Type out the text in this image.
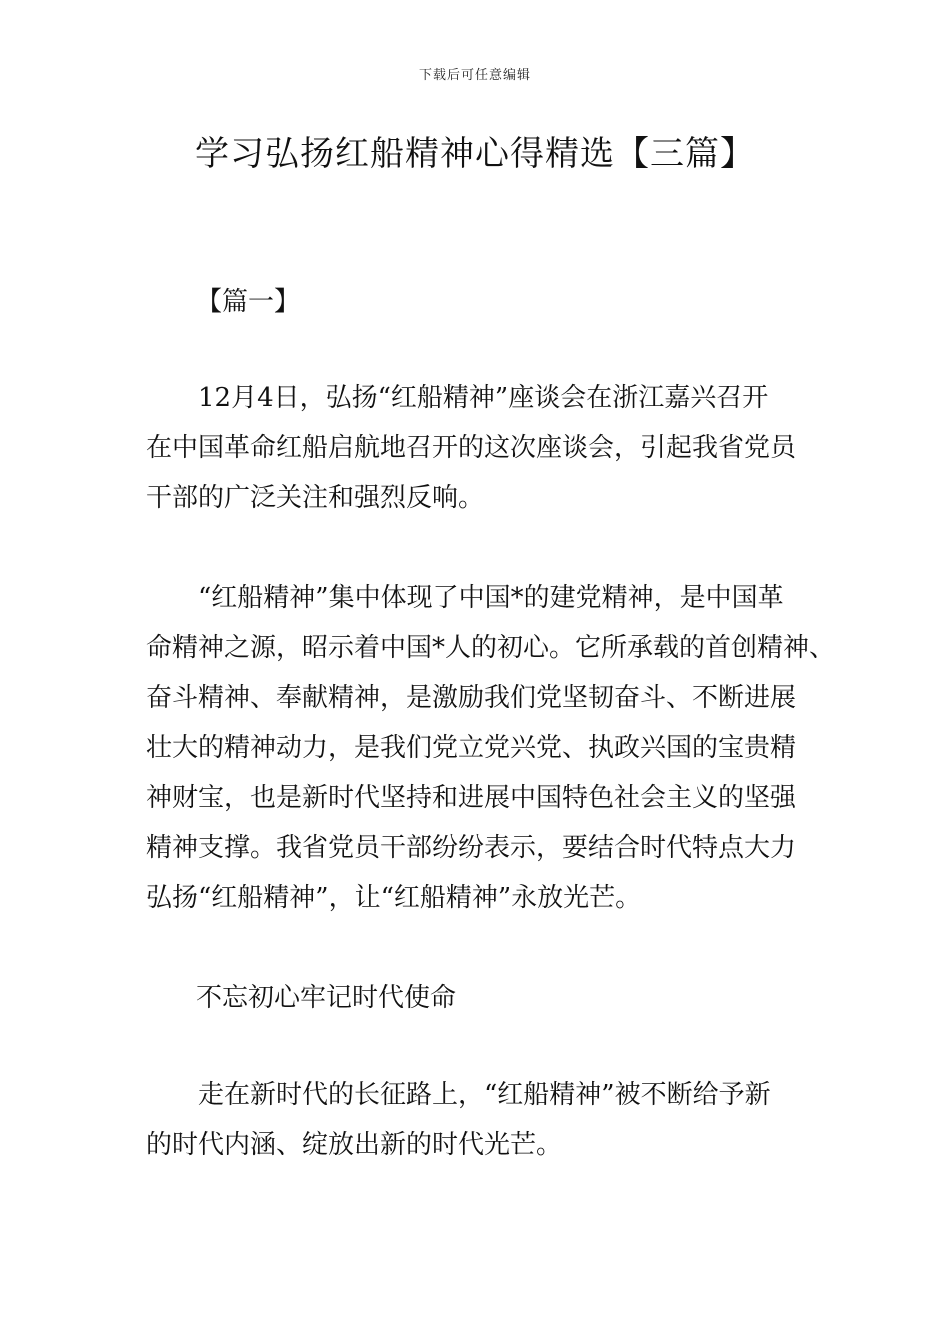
下载后可任意编辑
学习弘扬红船精神心得精选【三篇】

【篇一】

　　12月4日，弘扬“红船精神”座谈会在浙江嘉兴召开
在中国革命红船启航地召开的这次座谈会，引起我省党员
干部的广泛关注和强烈反响。

　　“红船精神”集中体现了中国*的建党精神，是中国革
命精神之源，昭示着中国*人的初心。它所承载的首创精神、
奋斗精神、奉献精神，是激励我们党坚韧奋斗、不断进展
壮大的精神动力，是我们党立党兴党、执政兴国的宝贵精
神财宝，也是新时代坚持和进展中国特色社会主义的坚强
精神支撑。我省党员干部纷纷表示，要结合时代特点大力
弘扬“红船精神”，让“红船精神”永放光芒。

不忘初心牢记时代使命

　　走在新时代的长征路上，“红船精神”被不断给予新
的时代内涵、绽放出新的时代光芒。
